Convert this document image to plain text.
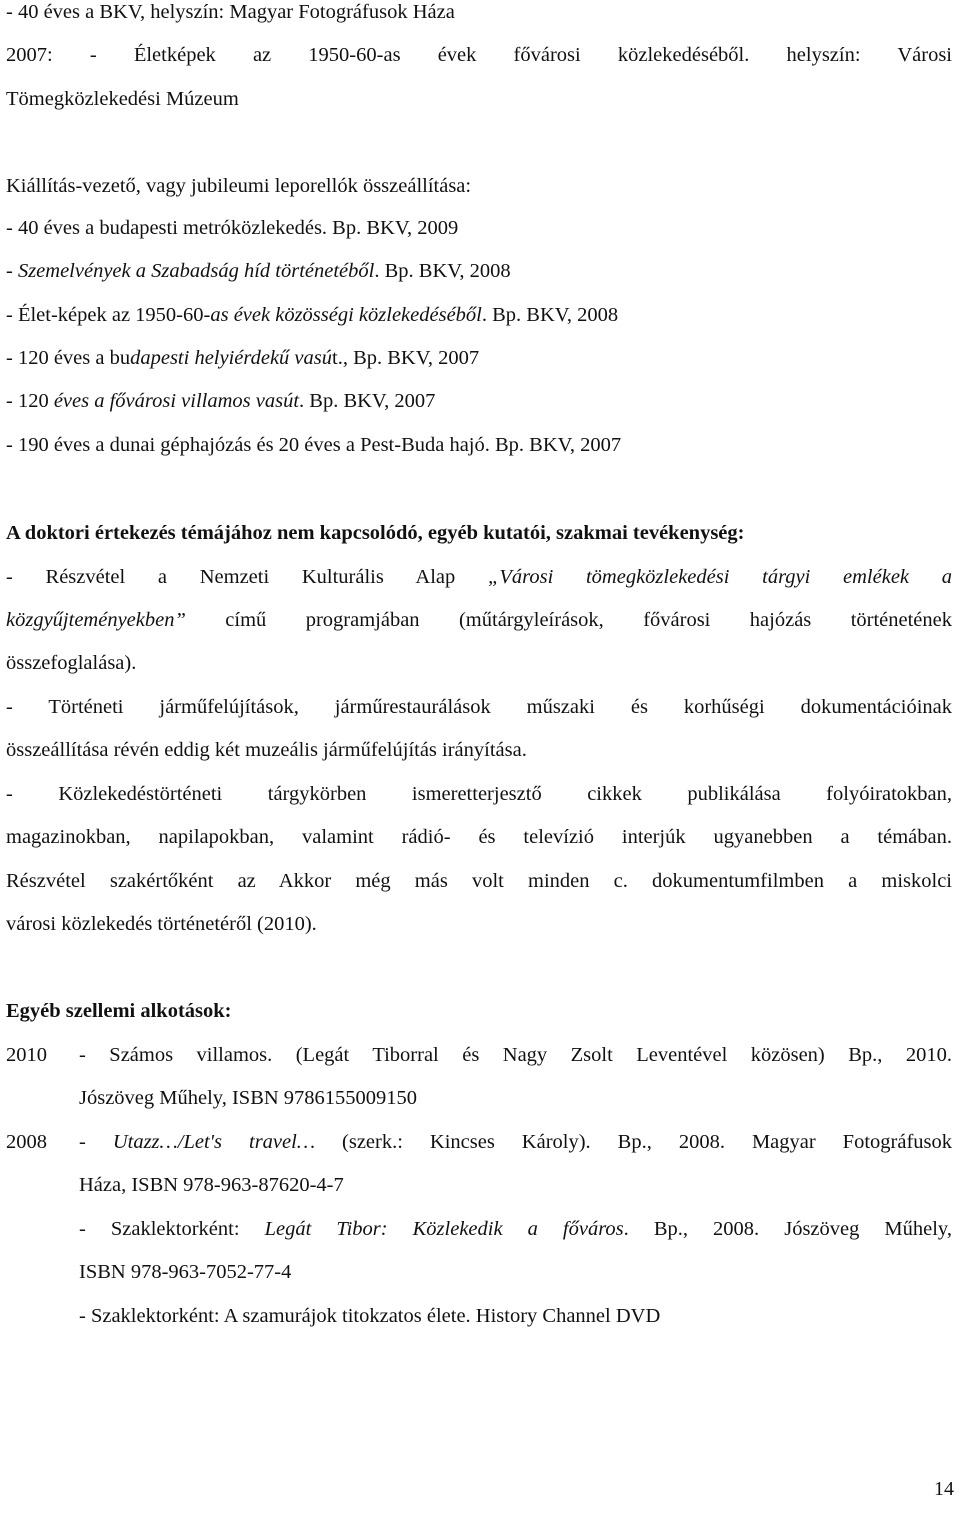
- 40 éves a BKV, helyszín: Magyar Fotográfusok Háza
2007: - Életképek az 1950-60-as évek fővárosi közlekedéséből. helyszín: Városi
Tömegközlekedési Múzeum
Kiállítás-vezető, vagy jubileumi leporellók összeállítása:
- 40 éves a budapesti metróközlekedés. Bp. BKV, 2009
- Szemelvények a Szabadság híd történetéből. Bp. BKV, 2008
- Élet-képek az 1950-60-as évek közösségi közlekedéséből. Bp. BKV, 2008
- 120 éves a budapesti helyiérdekű vasút., Bp. BKV, 2007
- 120 éves a fővárosi villamos vasút. Bp. BKV, 2007
- 190 éves a dunai géphajózás és 20 éves a Pest-Buda hajó. Bp. BKV, 2007
A doktori értekezés témájához nem kapcsolódó, egyéb kutatói, szakmai tevékenység:
- Részvétel a Nemzeti Kulturális Alap „Városi tömegközlekedési tárgyi emlékek a
közgyűjteményekben” című programjában (műtárgyleírások, fővárosi hajózás történetének
összefoglalása).
- Történeti járműfelújítások, járműrestaurálások műszaki és korhűségi dokumentációinak
összeállítása révén eddig két muzeális járműfelújítás irányítása.
- Közlekedéstörténeti tárgykörben ismeretterjesztő cikkek publikálása folyóiratokban,
magazinokban, napilapokban, valamint rádió- és televízió interjúk ugyanebben a témában.
Részvétel szakértőként az Akkor még más volt minden c. dokumentumfilmben a miskolci
városi közlekedés történetéről (2010).
Egyéb szellemi alkotások:
2010 - Számos villamos. (Legát Tiborral és Nagy Zsolt Leventével közösen) Bp., 2010.
Jószöveg Műhely, ISBN 9786155009150
2008 - Utazz…/Let's travel… (szerk.: Kincses Károly). Bp., 2008. Magyar Fotográfusok
Háza, ISBN 978-963-87620-4-7
- Szaklektorként: Legát Tibor: Közlekedik a főváros. Bp., 2008. Jószöveg Műhely,
ISBN 978-963-7052-77-4
- Szaklektorként: A szamurájok titokzatos élete. History Channel DVD
14
